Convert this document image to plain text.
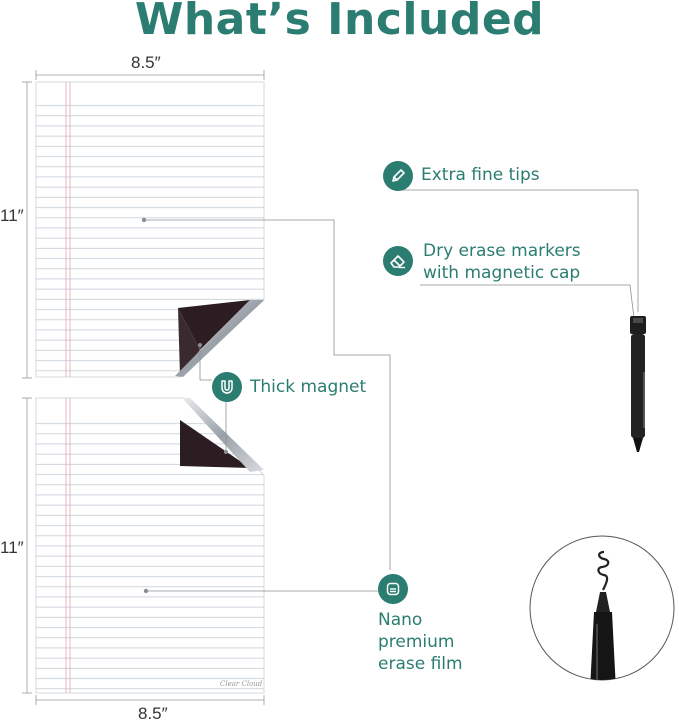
What’s Included
8.5″
11″
11″
8.5″
Clear Cloud
Extra fine tips
Dry erase markers
with magnetic cap
Thick magnet
Nano
premium
erase film
